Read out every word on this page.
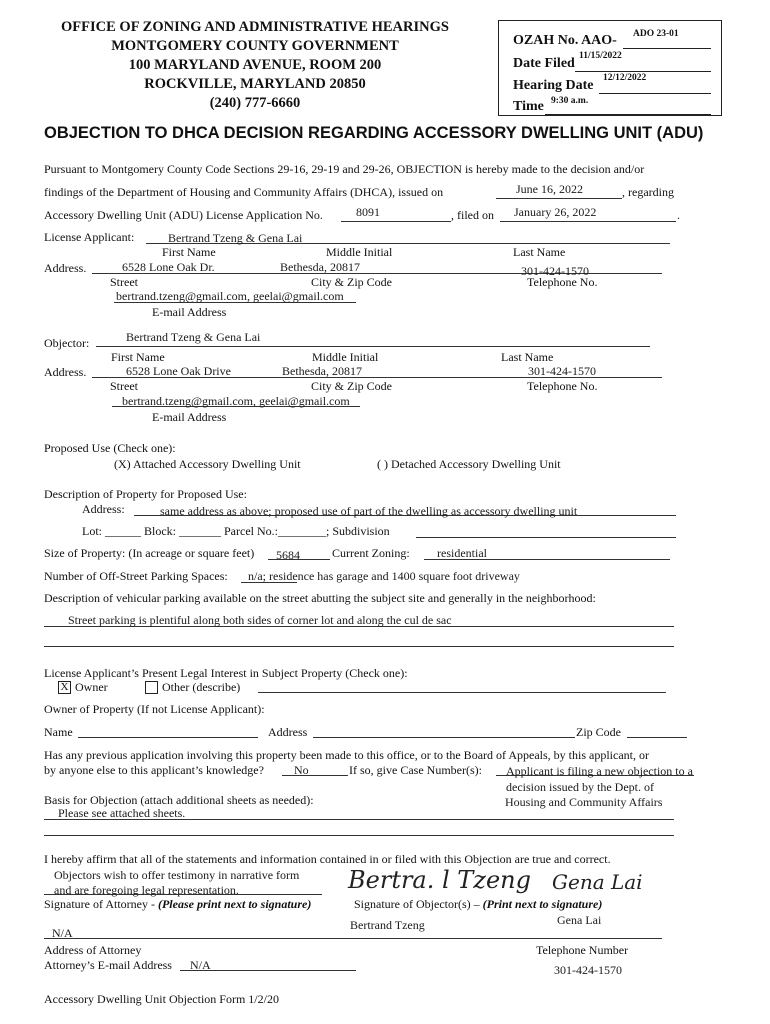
OFFICE OF ZONING AND ADMINISTRATIVE HEARINGS
MONTGOMERY COUNTY GOVERNMENT
100 MARYLAND AVENUE, ROOM 200
ROCKVILLE, MARYLAND 20850
(240) 777-6660
OZAH No. AAO- ADO 23-01
Date Filed 11/15/2022
Hearing Date 12/12/2022
Time 9:30 a.m.
OBJECTION TO DHCA DECISION REGARDING ACCESSORY DWELLING UNIT (ADU)
Pursuant to Montgomery County Code Sections 29-16, 29-19 and 29-26, OBJECTION is hereby made to the decision and/or
findings of the Department of Housing and Community Affairs (DHCA), issued on	June 16, 2022	, regarding
Accessory Dwelling Unit (ADU) License Application No.	8091	, filed on January 26, 2022	.
License Applicant:	Bertrand Tzeng & Gena Lai
First Name	Middle Initial	Last Name
Address.	6528 Lone Oak Dr.	Bethesda, 20817	301-424-1570
Street	City & Zip Code	Telephone No.
bertrand.tzeng@gmail.com, geelai@gmail.com
E-mail Address
Objector:	Bertrand Tzeng & Gena Lai
First Name	Middle Initial	Last Name
Address.	6528 Lone Oak Drive	Bethesda, 20817	301-424-1570
Street	City & Zip Code	Telephone No.
bertrand.tzeng@gmail.com, geelai@gmail.com
E-mail Address
Proposed Use (Check one):
(X) Attached Accessory Dwelling Unit	( ) Detached Accessory Dwelling Unit
Description of Property for Proposed Use:
Address:	same address as above; proposed use of part of the dwelling as accessory dwelling unit
Lot: ______ Block: _______ Parcel No.:________; Subdivision
Size of Property: (In acreage or square feet) 5684	Current Zoning: residential
Number of Off-Street Parking Spaces: n/a; residence has garage and 1400 square foot driveway
Description of vehicular parking available on the street abutting the subject site and generally in the neighborhood:
Street parking is plentiful along both sides of corner lot and along the cul de sac
License Applicant’s Present Legal Interest in Subject Property (Check one):
X Owner	Other (describe)
Owner of Property (If not License Applicant):
Name	Address	Zip Code
Has any previous application involving this property been made to this office, or to the Board of Appeals, by this applicant, or
by anyone else to this applicant’s knowledge?	No	If so, give Case Number(s): Applicant is filing a new objection to a
decision issued by the Dept. of
Housing and Community Affairs
Basis for Objection (attach additional sheets as needed):
Please see attached sheets.
I hereby affirm that all of the statements and information contained in or filed with this Objection are true and correct.
Objectors wish to offer testimony in narrative form
and are foregoing legal representation.	Bertra. l Tzeng Gena Lai
Signature of Attorney - (Please print next to signature)	Signature of Objector(s) – (Print next to signature)
Bertrand Tzeng	Gena Lai
N/A
Address of Attorney	Telephone Number
Attorney’s E-mail Address N/A	301-424-1570
Accessory Dwelling Unit Objection Form 1/2/20
